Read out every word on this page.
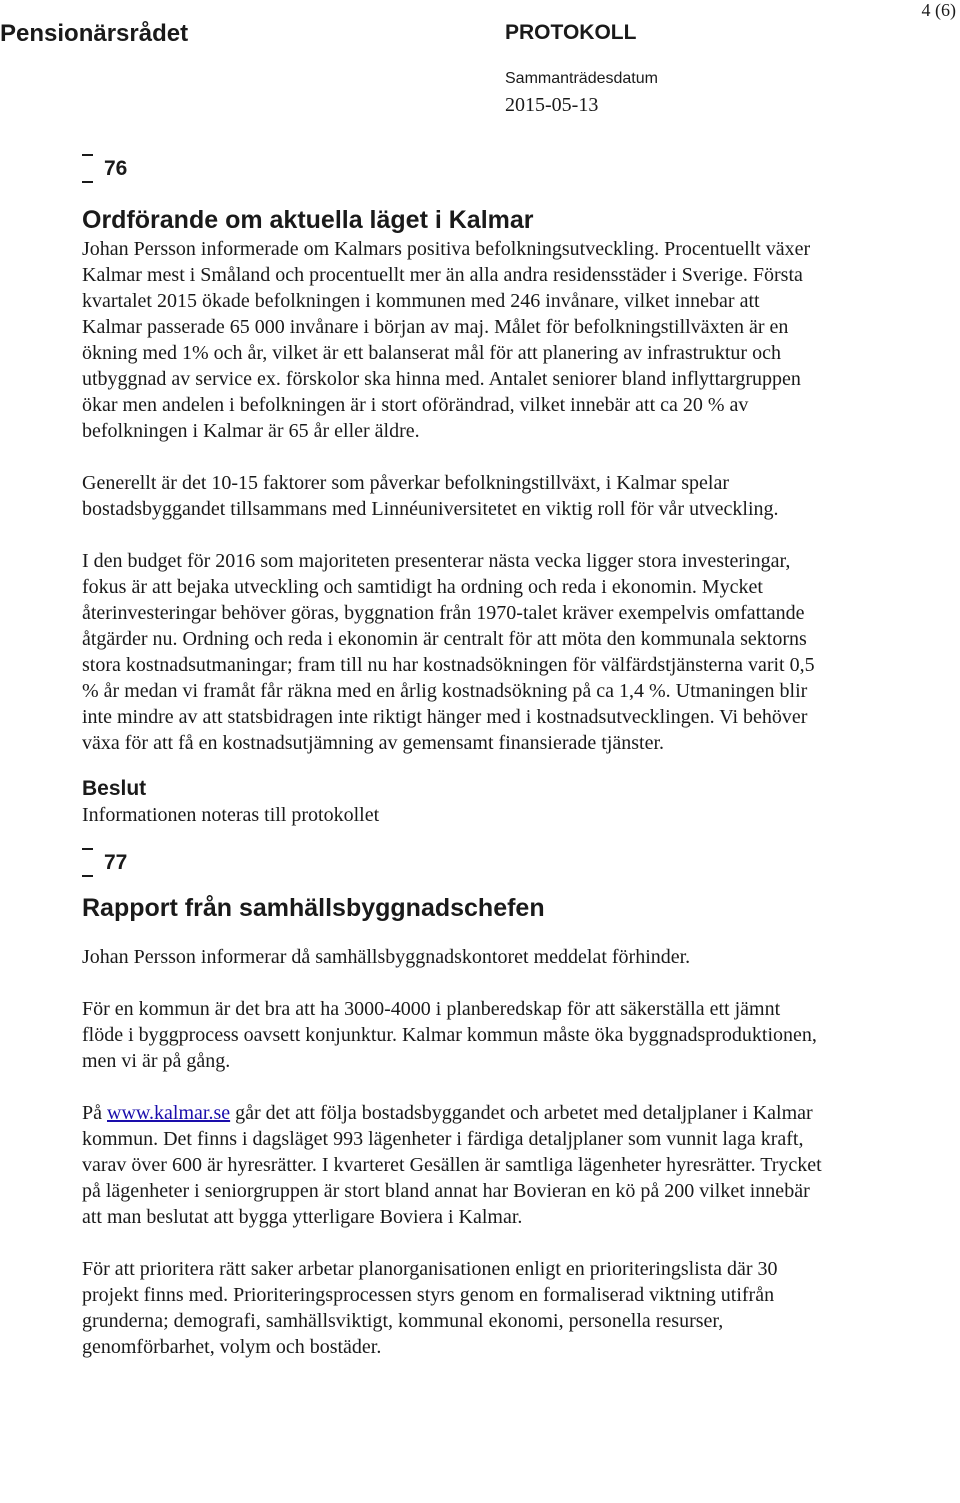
Pensionärsrådet	PROTOKOLL
Sammanträdesdatum
2015-05-13
4 (6)
76
Ordförande om aktuella läget i Kalmar

Johan Persson informerade om Kalmars positiva befolkningsutveckling. Procentuellt växer Kalmar mest i Småland och procentuellt mer än alla andra residensstäder i Sverige. Första kvartalet 2015 ökade befolkningen i kommunen med 246 invånare, vilket innebar att Kalmar passerade 65 000 invånare i början av maj. Målet för befolkningstillväxten är en ökning med 1% och år, vilket är ett balanserat mål för att planering av infrastruktur och utbyggnad av service ex. förskolor ska hinna med. Antalet seniorer bland inflyttargruppen ökar men andelen i befolkningen är i stort oförändrad, vilket innebär att ca 20 % av befolkningen i Kalmar är 65 år eller äldre.

Generellt är det 10-15 faktorer som påverkar befolkningstillväxt, i Kalmar spelar bostadsbyggandet tillsammans med Linnéuniversitetet en viktig roll för vår utveckling.

I den budget för 2016 som majoriteten presenterar nästa vecka ligger stora investeringar, fokus är att bejaka utveckling och samtidigt ha ordning och reda i ekonomin. Mycket återinvesteringar behöver göras, byggnation från 1970-talet kräver exempelvis omfattande åtgärder nu. Ordning och reda i ekonomin är centralt för att möta den kommunala sektorns stora kostnadsutmaningar; fram till nu har kostnadsökningen för välfärdstjänsterna varit 0,5 % år medan vi framåt får räkna med en årlig kostnadsökning på ca 1,4 %. Utmaningen blir inte mindre av att statsbidragen inte riktigt hänger med i kostnadsutvecklingen. Vi behöver växa för att få en kostnadsutjämning av gemensamt finansierade tjänster.

Beslut

Informationen noteras till protokollet

77
Rapport från samhällsbyggnadschefen

Johan Persson informerar då samhällsbyggnadskontoret meddelat förhinder.

För en kommun är det bra att ha 3000-4000 i planberedskap för att säkerställa ett jämnt flöde i byggprocess oavsett konjunktur. Kalmar kommun måste öka byggnadsproduktionen, men vi är på gång.

På www.kalmar.se går det att följa bostadsbyggandet och arbetet med detaljplaner i Kalmar kommun. Det finns i dagsläget 993 lägenheter i färdiga detaljplaner som vunnit laga kraft, varav över 600 är hyresrätter. I kvarteret Gesällen är samtliga lägenheter hyresrätter. Trycket på lägenheter i seniorgruppen är stort bland annat har Bovieran en kö på 200 vilket innebär att man beslutat att bygga ytterligare Boviera i Kalmar.

För att prioritera rätt saker arbetar planorganisationen enligt en prioriteringslista där 30 projekt finns med. Prioriteringsprocessen styrs genom en formaliserad viktning utifrån grunderna; demografi, samhällsviktigt, kommunal ekonomi, personella resurser, genomförbarhet, volym och bostäder.
